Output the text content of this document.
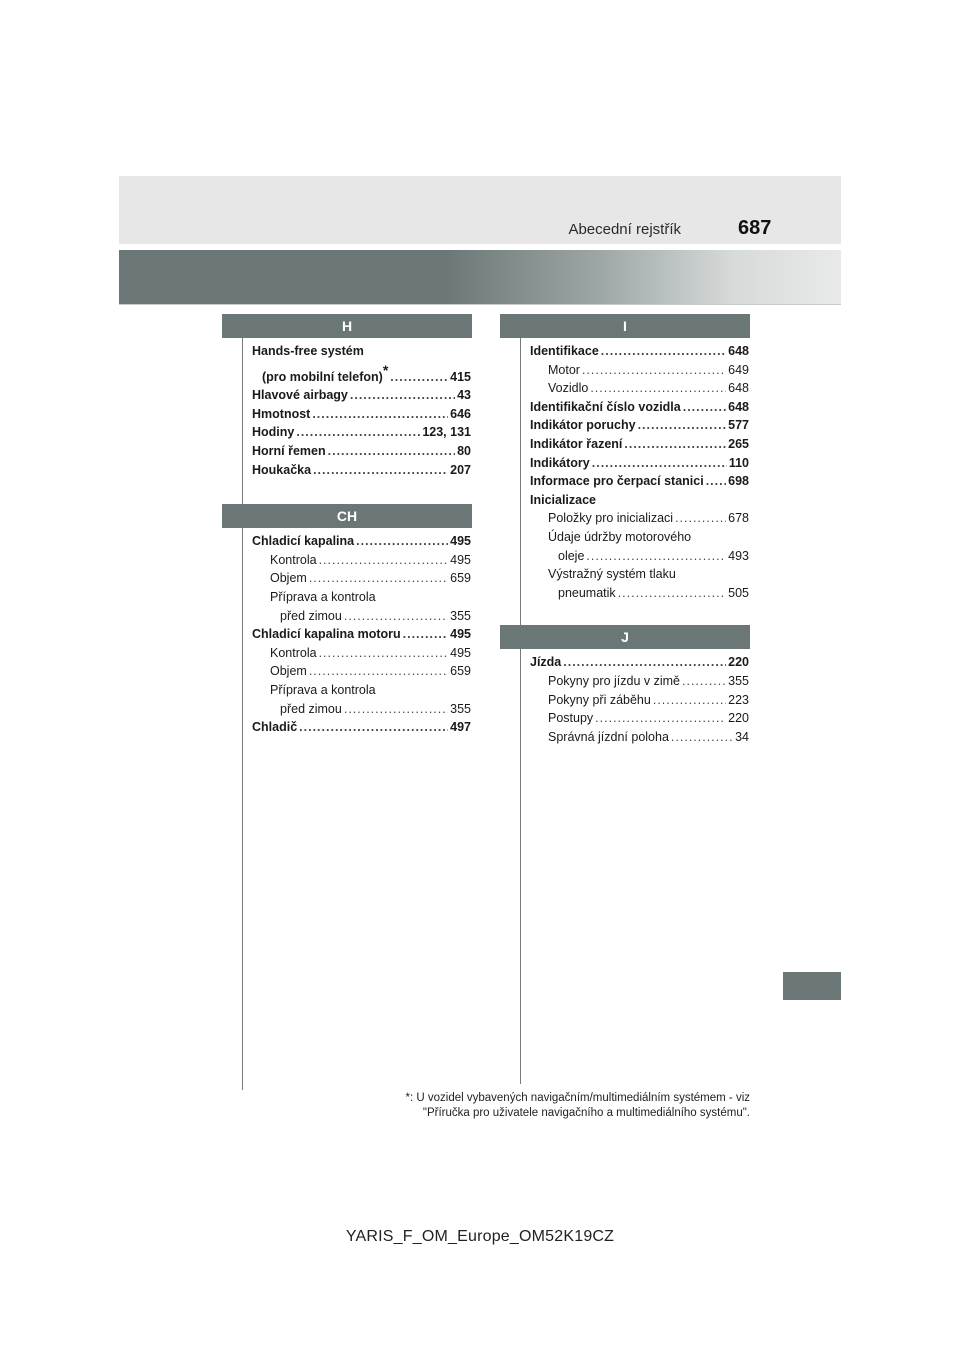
Abecední rejstřík	687
H
Hands-free systém
(pro mobilní telefon)* .....	415
Hlavové airbagy .....	43
Hmotnost .....	646
Hodiny .....	123, 131
Horní řemen .....	80
Houkačka .....	207
CH
Chladicí kapalina .....	495
Kontrola .....	495
Objem .....	659
Příprava a kontrola
před zimou .....	355
Chladicí kapalina motoru .....	495
Kontrola .....	495
Objem .....	659
Příprava a kontrola
před zimou .....	355
Chladič .....	497
I
Identifikace .....	648
Motor .....	649
Vozidlo .....	648
Identifikační číslo vozidla .....	648
Indikátor poruchy .....	577
Indikátor řazení .....	265
Indikátory .....	110
Informace pro čerpací stanici ..... 698
Inicializace
Položky pro inicializaci .....	678
Údaje údržby motorového
oleje .....	493
Výstražný systém tlaku
pneumatik .....	505
J
Jízda .....	220
Pokyny pro jízdu v zimě .....	355
Pokyny při záběhu .....	223
Postupy .....	220
Správná jízdní poloha .....	34
*: U vozidel vybavených navigačním/multimediálním systémem - viz
"Příručka pro uživatele navigačního a multimediálního systému".
YARIS_F_OM_Europe_OM52K19CZ
